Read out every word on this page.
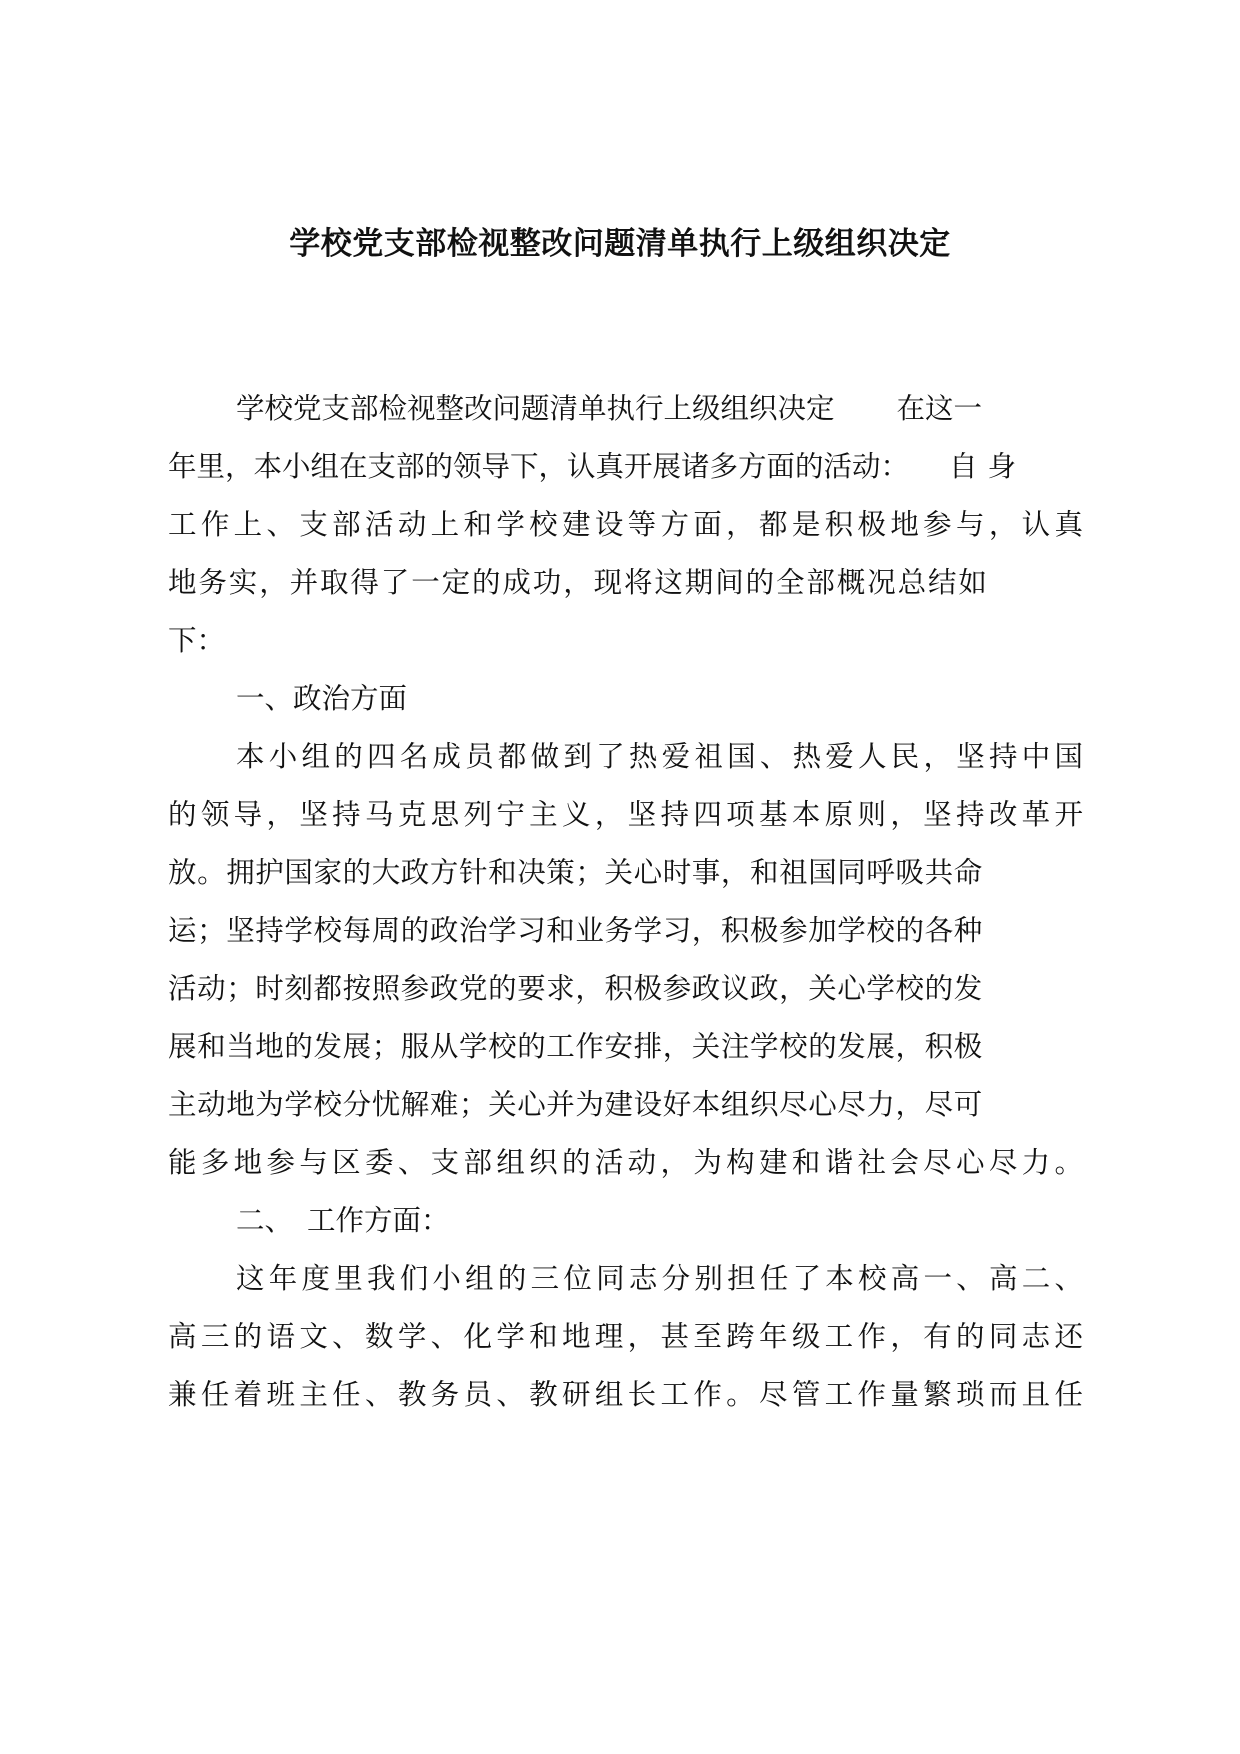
学校党支部检视整改问题清单执行上级组织决定

学校党支部检视整改问题清单执行上级组织决定 在这一

年里，本小组在支部的领导下，认真开展诸多方面的活动： 自身

工作上、支部活动上和学校建设等方面，都是积极地参与，认真

地务实，并取得了一定的成功，现将这期间的全部概况总结如

下：

一、政治方面

本小组的四名成员都做到了热爱祖国、热爱人民，坚持中国

的领导，坚持马克思列宁主义，坚持四项基本原则，坚持改革开

放。拥护国家的大政方针和决策；关心时事，和祖国同呼吸共命

运；坚持学校每周的政治学习和业务学习，积极参加学校的各种

活动；时刻都按照参政党的要求，积极参政议政，关心学校的发

展和当地的发展；服从学校的工作安排，关注学校的发展，积极

主动地为学校分忧解难；关心并为建设好本组织尽心尽力，尽可

能多地参与区委、支部组织的活动，为构建和谐社会尽心尽力。

二、 工作方面：

这年度里我们小组的三位同志分别担任了本校高一、高二、

高三的语文、数学、化学和地理，甚至跨年级工作，有的同志还

兼任着班主任、教务员、教研组长工作。尽管工作量繁琐而且任
